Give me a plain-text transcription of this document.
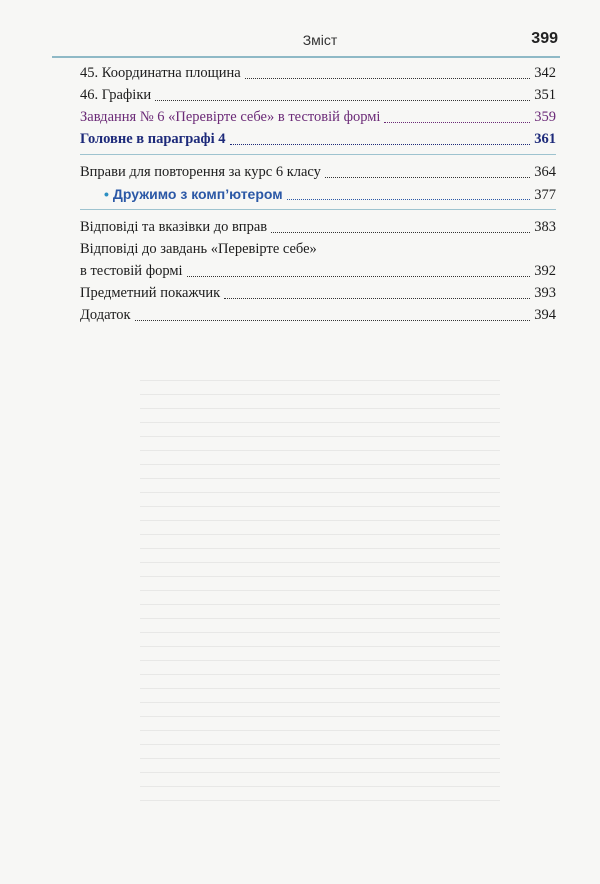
Зміст	399
45. Координатна площина	342
46. Графіки	351
Завдання № 6 «Перевірте себе» в тестовій формі	359
Головне в параграфі 4	361
Вправи для повторення за курс 6 класу	364
• Дружимо з комп’ютером	377
Відповіді та вказівки до вправ	383
Відповіді до завдань «Перевірте себе»
в тестовій формі	392
Предметний покажчик	393
Додаток	394
